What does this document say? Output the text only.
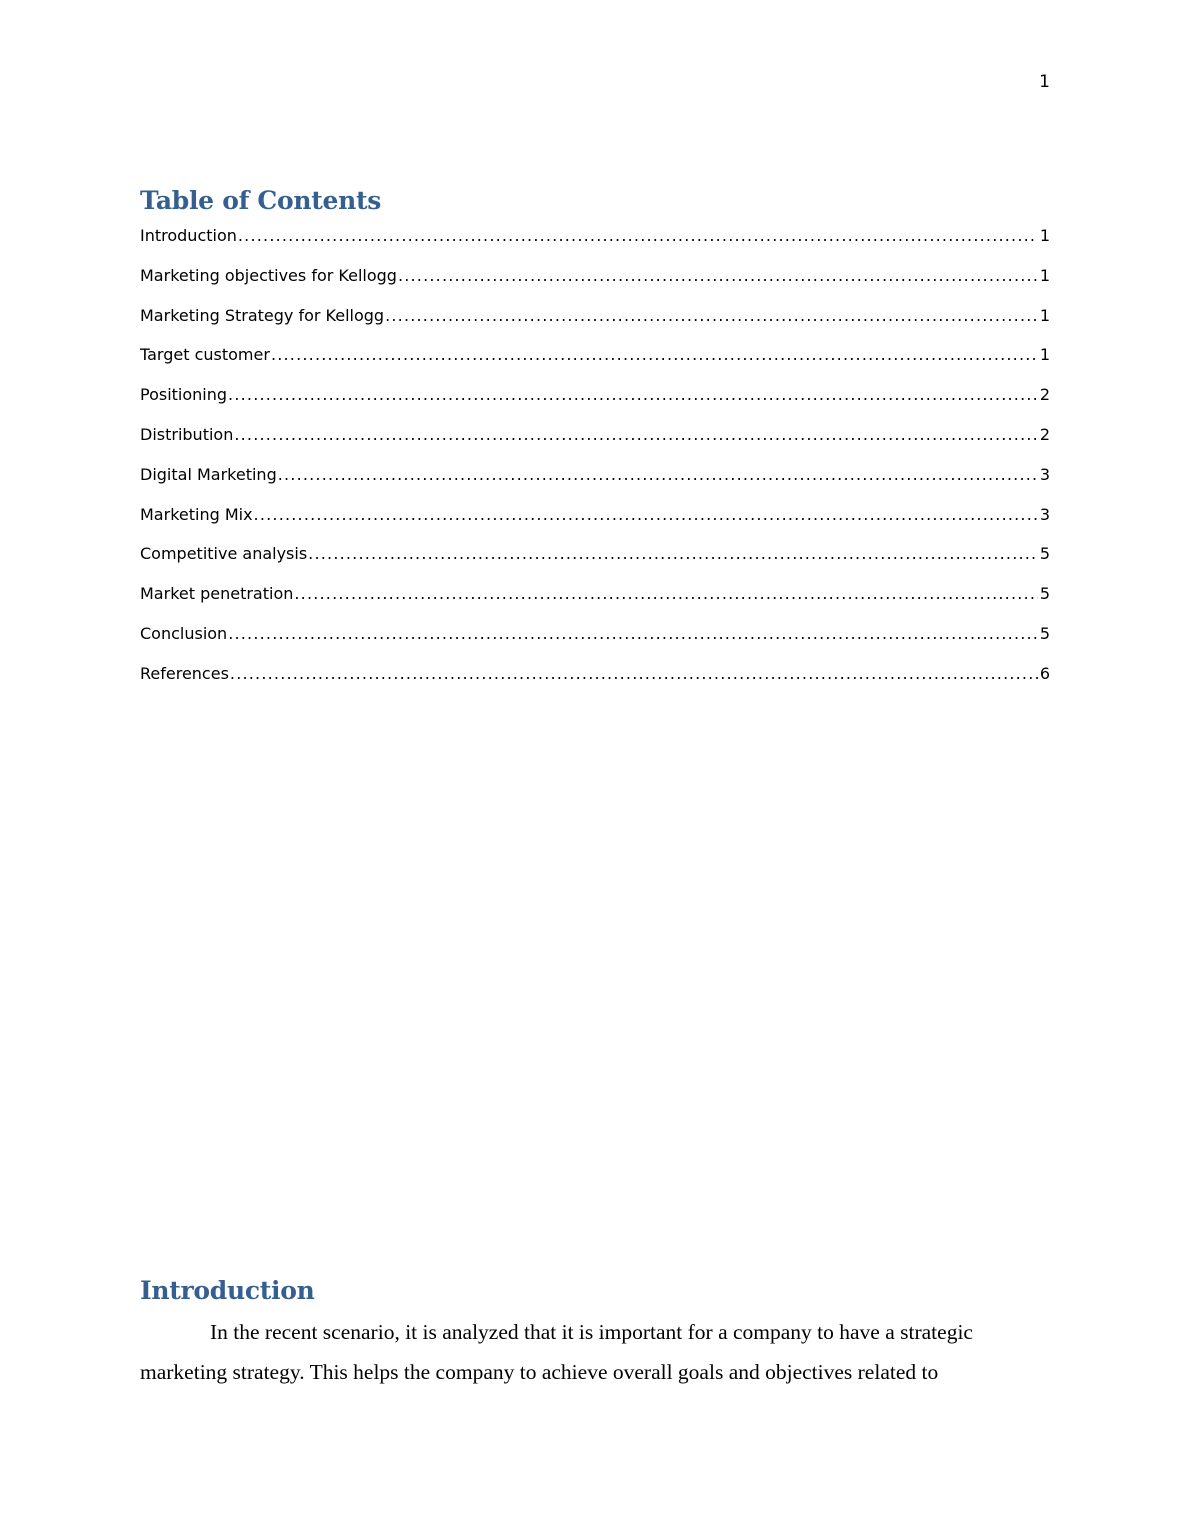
1
Table of Contents
Introduction .....	1
Marketing objectives for Kellogg .....	1
Marketing Strategy for Kellogg .....	1
Target customer .....	1
Positioning .....	2
Distribution .....	2
Digital Marketing .....	3
Marketing Mix .....	3
Competitive analysis .....	5
Market penetration .....	5
Conclusion .....	5
References .....	6
Introduction

In the recent scenario, it is analyzed that it is important for a company to have a strategic marketing strategy. This helps the company to achieve overall goals and objectives related to
